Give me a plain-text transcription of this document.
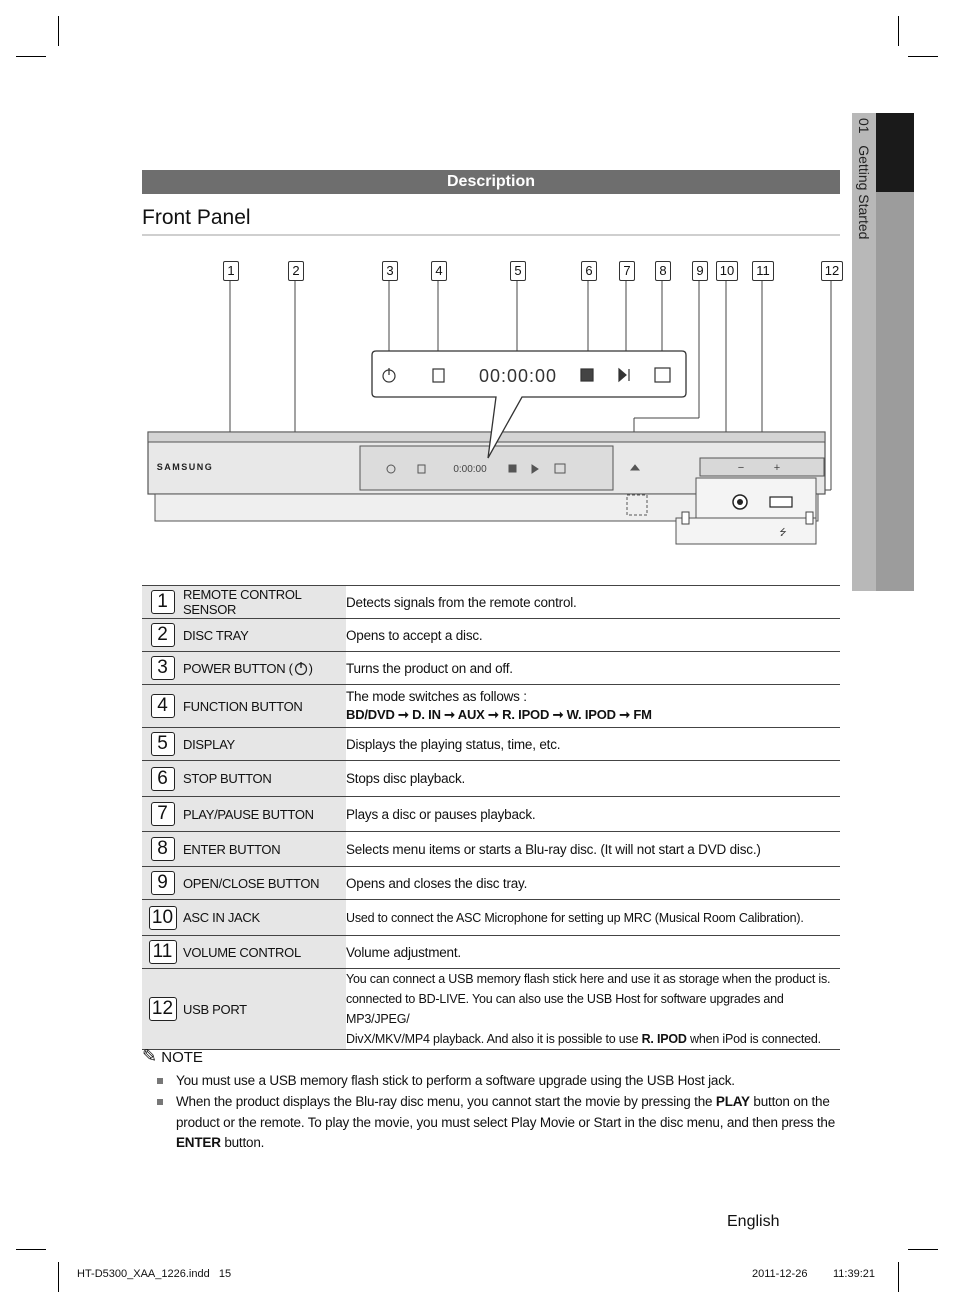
01   Getting Started
Description
Front Panel
SAMSUNG	0:00:00	−	+
⭍
00:00:00
1	2	3	4	5	6	7	8	9	10	11	12
1	REMOTE CONTROL SENSOR	Detects signals from the remote control.
2	DISC TRAY	Opens to accept a disc.
3	POWER BUTTON ( )	Turns the product on and off.
4	FUNCTION BUTTON	The mode switches as follows :
BD/DVD ➞ D. IN ➞ AUX ➞ R. IPOD ➞ W. IPOD ➞ FM

5	DISPLAY	Displays the playing status, time, etc.
6	STOP BUTTON	Stops disc playback.
7	PLAY/PAUSE BUTTON	Plays a disc or pauses playback.
8	ENTER BUTTON	Selects menu items or starts a Blu-ray disc. (It will not start a DVD disc.)
9	OPEN/CLOSE BUTTON	Opens and closes the disc tray.
10	ASC IN JACK	Used to connect the ASC Microphone for setting up MRC (Musical Room Calibration).
11	VOLUME CONTROL	Volume adjustment.
12	USB PORT	You can connect a USB memory flash stick here and use it as storage when the product is.
connected to BD-LIVE. You can also use the USB Host for software upgrades and MP3/JPEG/
DivX/MKV/MP4 playback. And also it is possible to use R. IPOD when iPod is connected.
✎ NOTE
You must use a USB memory flash stick to perform a software upgrade using the USB Host jack.
When the product displays the Blu-ray disc menu, you cannot start the movie by pressing the PLAY button on the product or the remote. To play the movie, you must select Play Movie or Start in the disc menu, and then press the ENTER button.
English
HT-D5300_XAA_1226.indd   15	2011-12-26 11:39:21
